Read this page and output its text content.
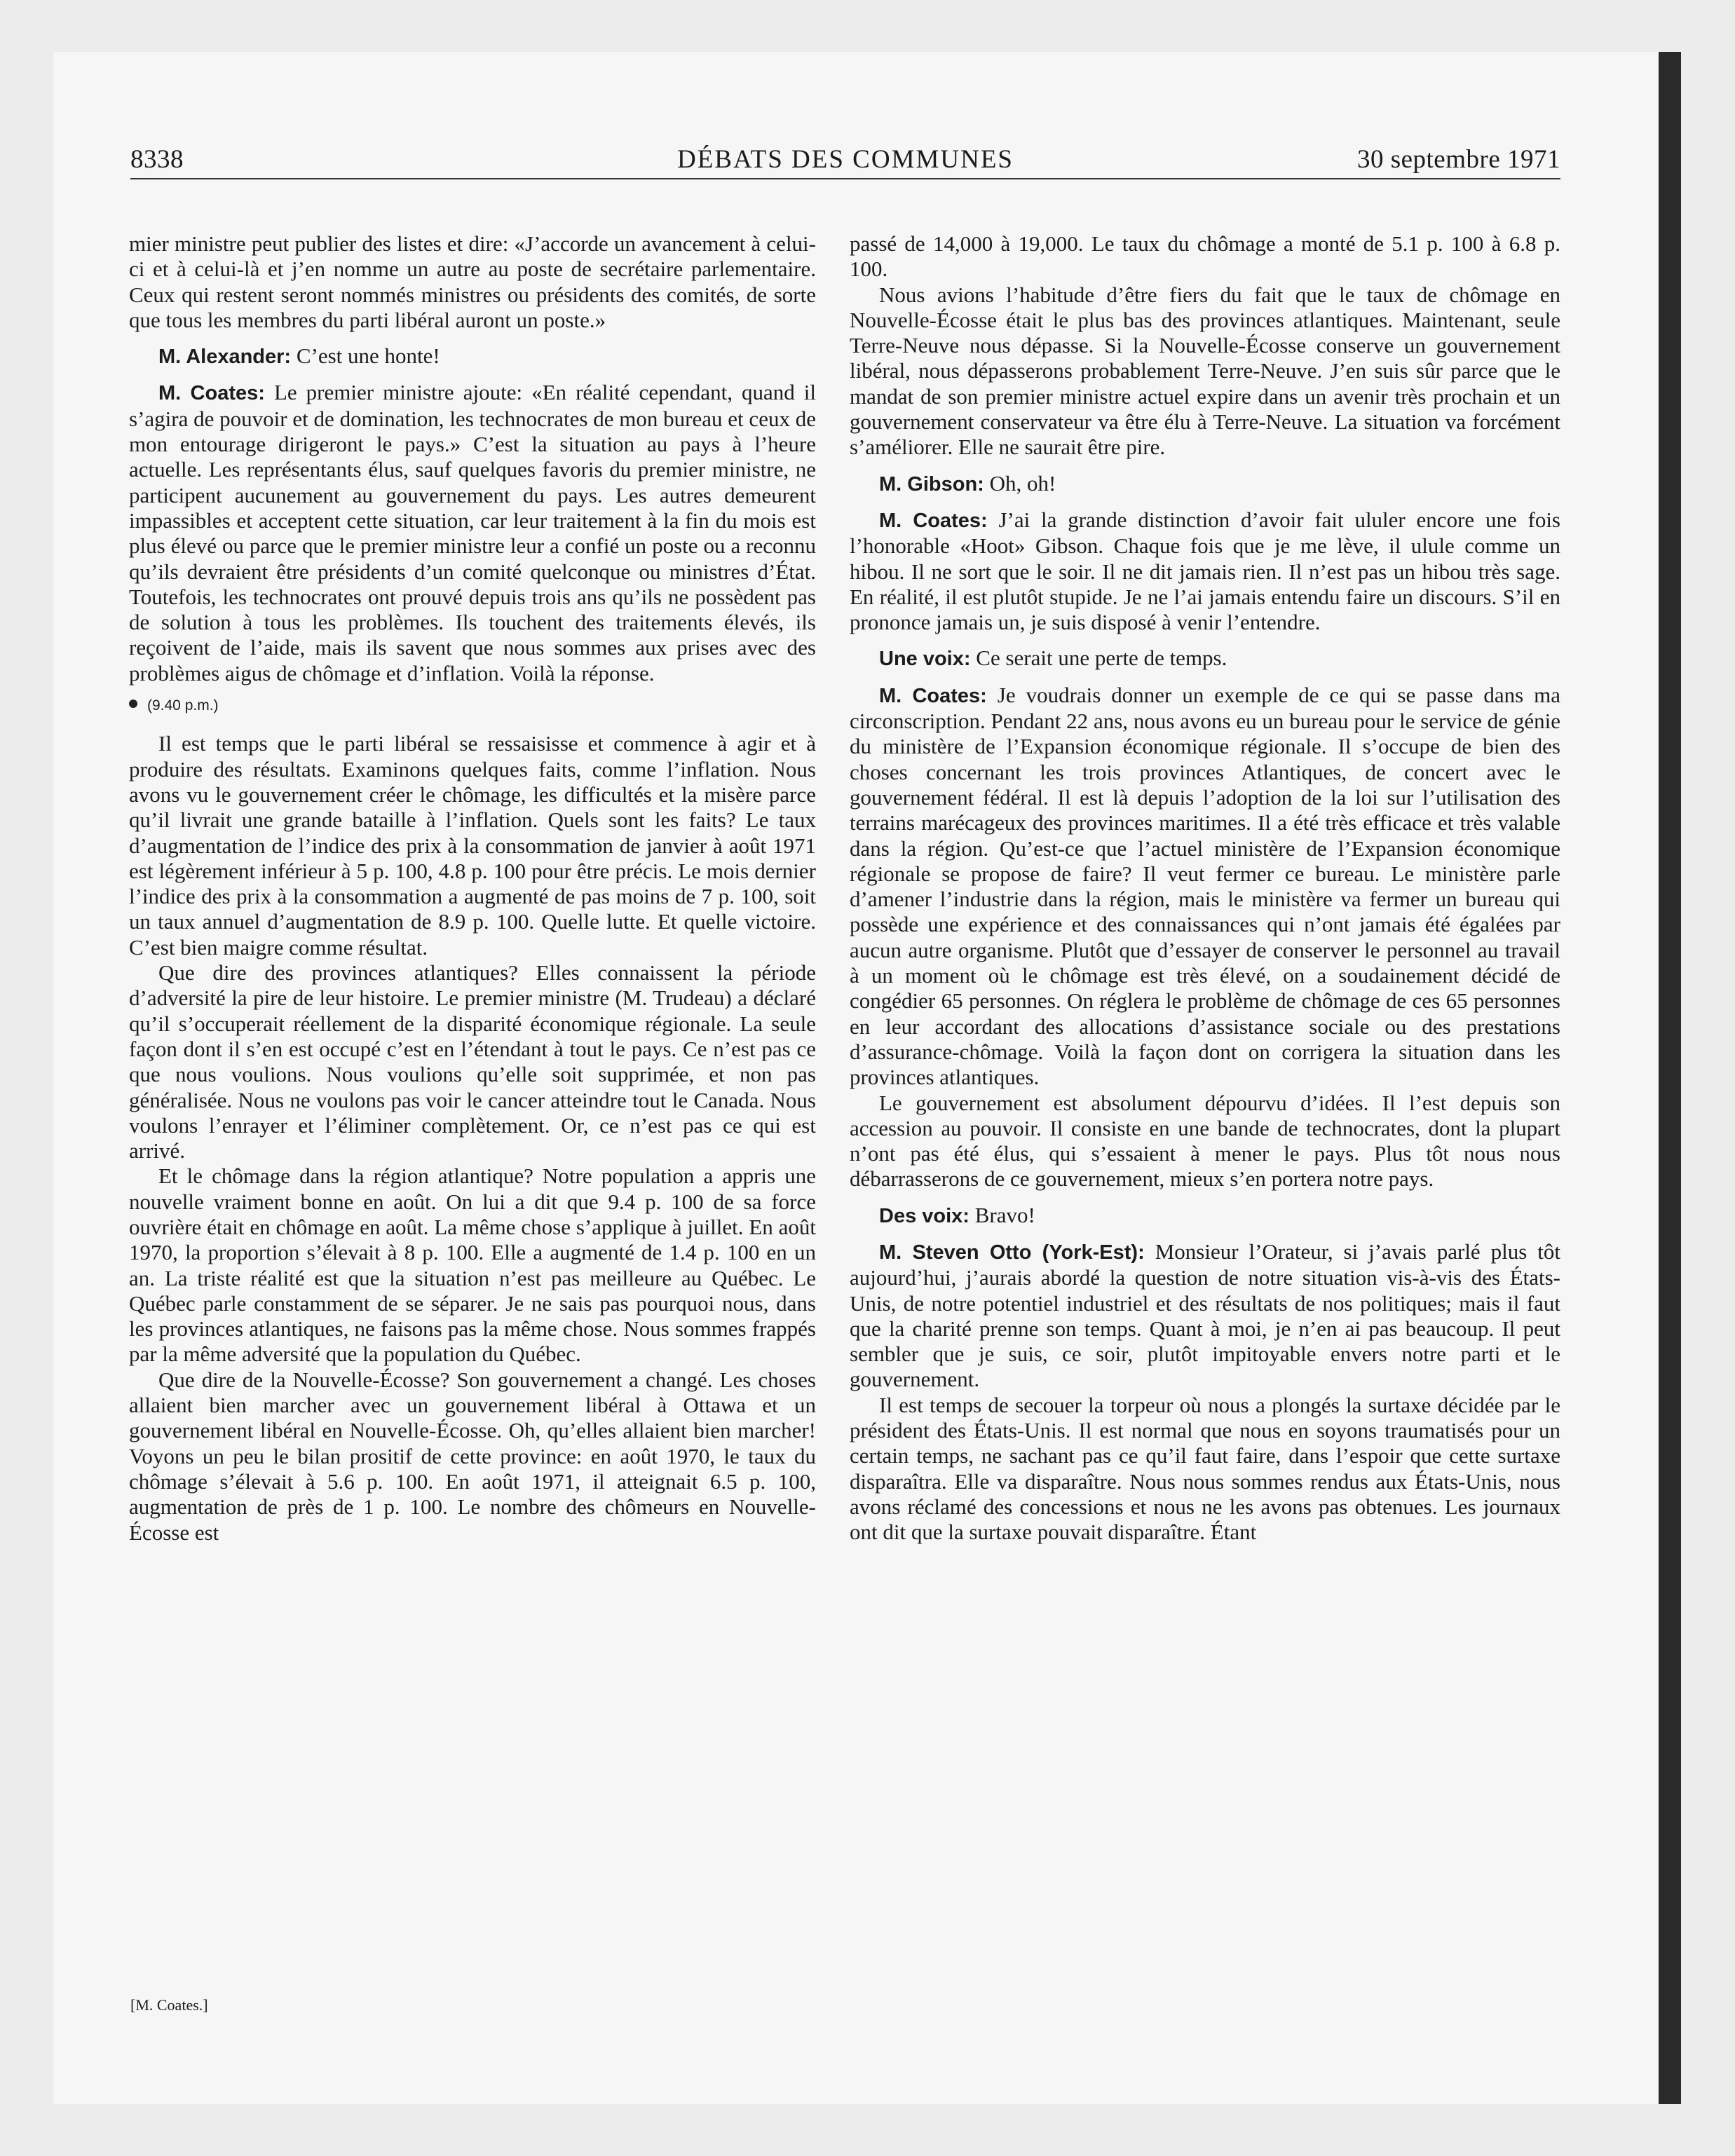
8338	DÉBATS DES COMMUNES	30 septembre 1971

mier ministre peut publier des listes et dire: «J’accorde un avancement à celui-ci et à celui-là et j’en nomme un autre au poste de secrétaire parlementaire. Ceux qui restent seront nommés ministres ou présidents des comités, de sorte que tous les membres du parti libéral auront un poste.»

M. Alexander: C’est une honte!

M. Coates: Le premier ministre ajoute: «En réalité cependant, quand il s’agira de pouvoir et de domination, les technocrates de mon bureau et ceux de mon entourage dirigeront le pays.» C’est la situation au pays à l’heure actuelle. Les représentants élus, sauf quelques favoris du premier ministre, ne participent aucunement au gouvernement du pays. Les autres demeurent impassibles et acceptent cette situation, car leur traitement à la fin du mois est plus élevé ou parce que le premier ministre leur a confié un poste ou a reconnu qu’ils devraient être présidents d’un comité quelconque ou ministres d’État. Toutefois, les technocrates ont prouvé depuis trois ans qu’ils ne possèdent pas de solution à tous les problèmes. Ils touchent des traitements élevés, ils reçoivent de l’aide, mais ils savent que nous sommes aux prises avec des problèmes aigus de chômage et d’inflation. Voilà la réponse.

(9.40 p.m.)

Il est temps que le parti libéral se ressaisisse et commence à agir et à produire des résultats. Examinons quelques faits, comme l’inflation. Nous avons vu le gouvernement créer le chômage, les difficultés et la misère parce qu’il livrait une grande bataille à l’inflation. Quels sont les faits? Le taux d’augmentation de l’indice des prix à la consommation de janvier à août 1971 est légèrement inférieur à 5 p. 100, 4.8 p. 100 pour être précis. Le mois dernier l’indice des prix à la consommation a augmenté de pas moins de 7 p. 100, soit un taux annuel d’augmentation de 8.9 p. 100. Quelle lutte. Et quelle victoire. C’est bien maigre comme résultat.

Que dire des provinces atlantiques? Elles connaissent la période d’adversité la pire de leur histoire. Le premier ministre (M. Trudeau) a déclaré qu’il s’occuperait réellement de la disparité économique régionale. La seule façon dont il s’en est occupé c’est en l’étendant à tout le pays. Ce n’est pas ce que nous voulions. Nous voulions qu’elle soit supprimée, et non pas généralisée. Nous ne voulons pas voir le cancer atteindre tout le Canada. Nous voulons l’enrayer et l’éliminer complètement. Or, ce n’est pas ce qui est arrivé.

Et le chômage dans la région atlantique? Notre population a appris une nouvelle vraiment bonne en août. On lui a dit que 9.4 p. 100 de sa force ouvrière était en chômage en août. La même chose s’applique à juillet. En août 1970, la proportion s’élevait à 8 p. 100. Elle a augmenté de 1.4 p. 100 en un an. La triste réalité est que la situation n’est pas meilleure au Québec. Le Québec parle constamment de se séparer. Je ne sais pas pourquoi nous, dans les provinces atlantiques, ne faisons pas la même chose. Nous sommes frappés par la même adversité que la population du Québec.

Que dire de la Nouvelle-Écosse? Son gouvernement a changé. Les choses allaient bien marcher avec un gouvernement libéral à Ottawa et un gouvernement libéral en Nouvelle-Écosse. Oh, qu’elles allaient bien marcher! Voyons un peu le bilan prositif de cette province: en août 1970, le taux du chômage s’élevait à 5.6 p. 100. En août 1971, il atteignait 6.5 p. 100, augmentation de près de 1 p. 100. Le nombre des chômeurs en Nouvelle-Écosse est

passé de 14,000 à 19,000. Le taux du chômage a monté de 5.1 p. 100 à 6.8 p. 100.

Nous avions l’habitude d’être fiers du fait que le taux de chômage en Nouvelle-Écosse était le plus bas des provinces atlantiques. Maintenant, seule Terre-Neuve nous dépasse. Si la Nouvelle-Écosse conserve un gouvernement libéral, nous dépasserons probablement Terre-Neuve. J’en suis sûr parce que le mandat de son premier ministre actuel expire dans un avenir très prochain et un gouvernement conservateur va être élu à Terre-Neuve. La situation va forcément s’améliorer. Elle ne saurait être pire.

M. Gibson: Oh, oh!

M. Coates: J’ai la grande distinction d’avoir fait ululer encore une fois l’honorable «Hoot» Gibson. Chaque fois que je me lève, il ulule comme un hibou. Il ne sort que le soir. Il ne dit jamais rien. Il n’est pas un hibou très sage. En réalité, il est plutôt stupide. Je ne l’ai jamais entendu faire un discours. S’il en prononce jamais un, je suis disposé à venir l’entendre.

Une voix: Ce serait une perte de temps.

M. Coates: Je voudrais donner un exemple de ce qui se passe dans ma circonscription. Pendant 22 ans, nous avons eu un bureau pour le service de génie du ministère de l’Expansion économique régionale. Il s’occupe de bien des choses concernant les trois provinces Atlantiques, de concert avec le gouvernement fédéral. Il est là depuis l’adoption de la loi sur l’utilisation des terrains marécageux des provinces maritimes. Il a été très efficace et très valable dans la région. Qu’est-ce que l’actuel ministère de l’Expansion économique régionale se propose de faire? Il veut fermer ce bureau. Le ministère parle d’amener l’industrie dans la région, mais le ministère va fermer un bureau qui possède une expérience et des connaissances qui n’ont jamais été égalées par aucun autre organisme. Plutôt que d’essayer de conserver le personnel au travail à un moment où le chômage est très élevé, on a soudainement décidé de congédier 65 personnes. On réglera le problème de chômage de ces 65 personnes en leur accordant des allocations d’assistance sociale ou des prestations d’assurance-chômage. Voilà la façon dont on corrigera la situation dans les provinces atlantiques.

Le gouvernement est absolument dépourvu d’idées. Il l’est depuis son accession au pouvoir. Il consiste en une bande de technocrates, dont la plupart n’ont pas été élus, qui s’essaient à mener le pays. Plus tôt nous nous débarrasserons de ce gouvernement, mieux s’en portera notre pays.

Des voix: Bravo!

M. Steven Otto (York-Est): Monsieur l’Orateur, si j’avais parlé plus tôt aujourd’hui, j’aurais abordé la question de notre situation vis-à-vis des États-Unis, de notre potentiel industriel et des résultats de nos politiques; mais il faut que la charité prenne son temps. Quant à moi, je n’en ai pas beaucoup. Il peut sembler que je suis, ce soir, plutôt impitoyable envers notre parti et le gouvernement.

Il est temps de secouer la torpeur où nous a plongés la surtaxe décidée par le président des États-Unis. Il est normal que nous en soyons traumatisés pour un certain temps, ne sachant pas ce qu’il faut faire, dans l’espoir que cette surtaxe disparaîtra. Elle va disparaître. Nous nous sommes rendus aux États-Unis, nous avons réclamé des concessions et nous ne les avons pas obtenues. Les journaux ont dit que la surtaxe pouvait disparaître. Étant

[M. Coates.]
